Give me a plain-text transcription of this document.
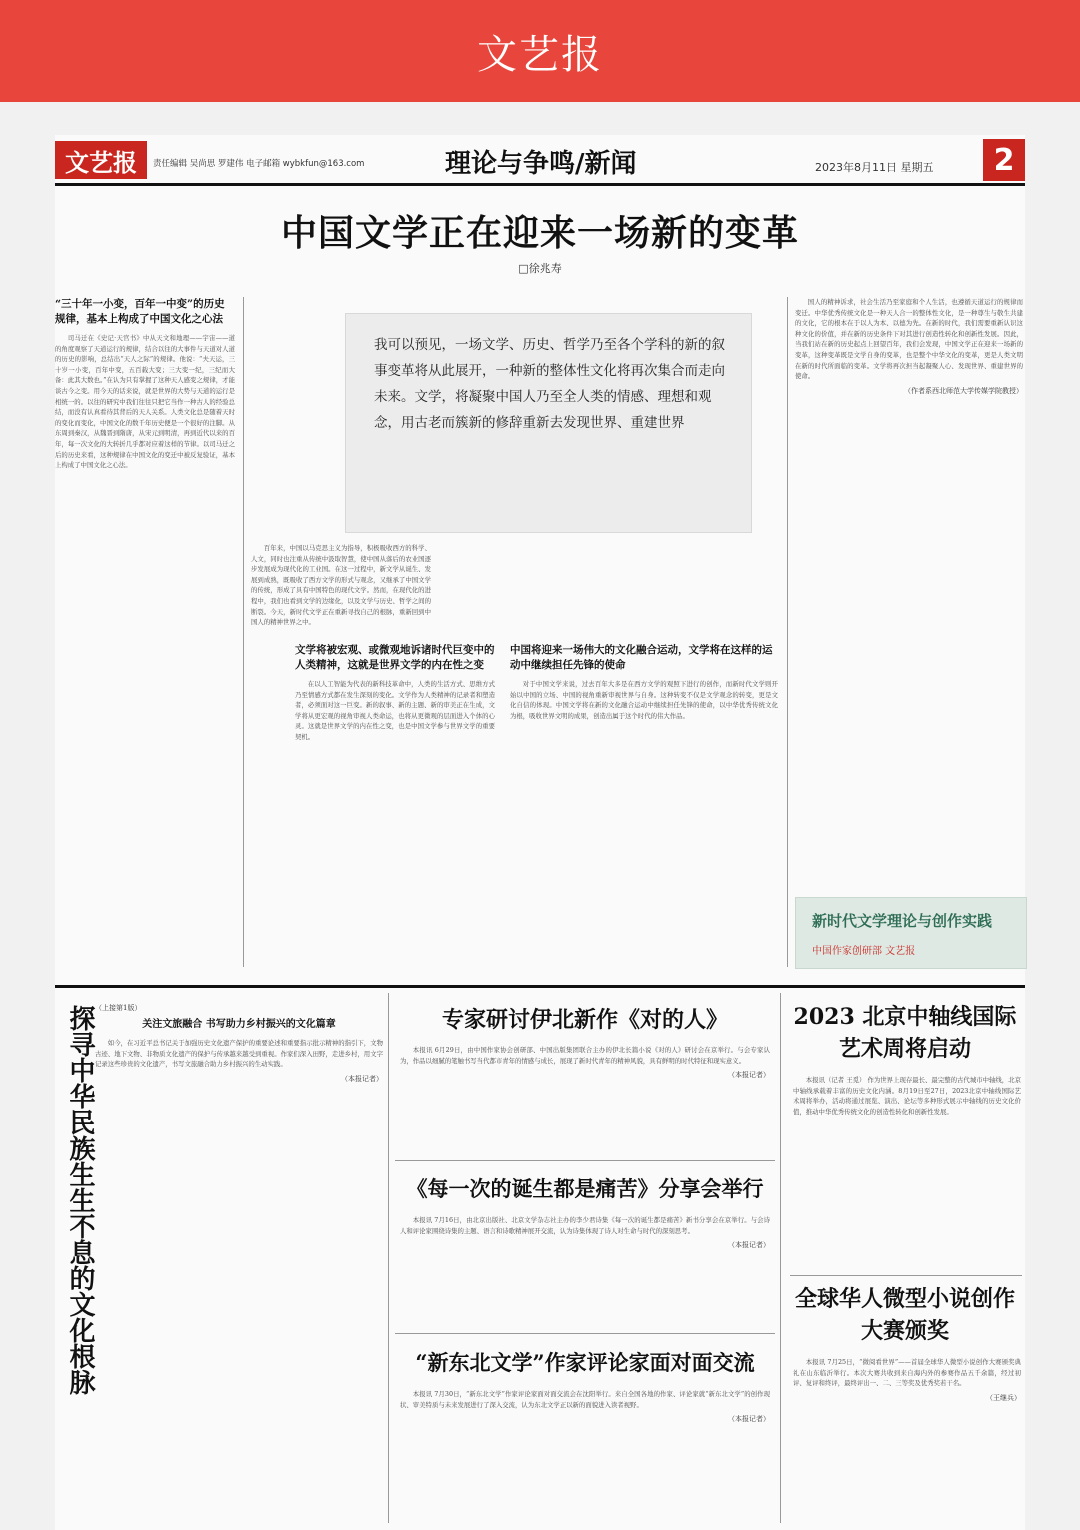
文艺报
文艺报	责任编辑 吴尚思 罗建伟 电子邮箱 wybkfun@163.com	理论与争鸣/新闻	2023年8月11日 星期五	2
中国文学正在迎来一场新的变革
□徐兆寿
“三十年一小变，百年一中变”的历史规律，基本上构成了中国文化之心法

司马迁在《史记·天官书》中从天文和地理——宇宙——道的角度观察了天道运行的规律，结合以往的大事件与天道对人道的历史的影响，总结出“天人之际”的规律。他说：“夫天运，三十岁一小变，百年中变，五百载大变；三大变一纪，三纪而大备：此其大数也。”在认为只有掌握了这种天人感变之规律，才能谈古今之变。用今天的话来说，就是世界的大势与天道的运行是相统一的。以往的研究中我们往往只把它当作一种古人的经验总结，而没有认真看待其背后的天人关系。人类文化总是随着天时的变化而变化，中国文化的数千年历史便是一个很好的注脚。从东周到秦汉，从魏晋到隋唐，从宋元到明清，再到近代以来的百年，每一次文化的大转折几乎都对应着这样的节律。以司马迁之后的历史来看，这种规律在中国文化的变迁中被反复验证，基本上构成了中国文化之心法。

我可以预见，一场文学、历史、哲学乃至各个学科的新的叙事变革将从此展开，一种新的整体性文化将再次集合而走向未来。文学，将凝聚中国人乃至全人类的情感、理想和观念，用古老而簇新的修辞重新去发现世界、重建世界

百年来，中国以马克思主义为指导，积极吸收西方的科学、人文，同时也注重从传统中汲取智慧，使中国从落后的农业国逐步发展成为现代化的工业国。在这一过程中，新文学从诞生、发展到成熟，既吸收了西方文学的形式与观念，又继承了中国文学的传统，形成了具有中国特色的现代文学。然而，在现代化的进程中，我们也看到文学的边缘化，以及文学与历史、哲学之间的断裂。今天，新时代文学正在重新寻找自己的根脉，重新回到中国人的精神世界之中。

文学将被宏观、或微观地诉诸时代巨变中的人类精神，这就是世界文学的内在性之变

在以人工智能为代表的新科技革命中，人类的生活方式、思维方式乃至情感方式都在发生深刻的变化。文学作为人类精神的记录者和塑造者，必须面对这一巨变。新的叙事、新的主题、新的审美正在生成，文学将从更宏观的视角审视人类命运，也将从更微观的层面进入个体的心灵。这就是世界文学的内在性之变，也是中国文学参与世界文学的重要契机。

中国将迎来一场伟大的文化融合运动，文学将在这样的运动中继续担任先锋的使命

对于中国文学来说，过去百年大多是在西方文学的观照下进行的创作，而新时代文学则开始以中国的立场、中国的视角重新审视世界与自身。这种转变不仅是文学观念的转变，更是文化自信的体现。中国文学将在新的文化融合运动中继续担任先锋的使命，以中华优秀传统文化为根，吸收世界文明的成果，创造出属于这个时代的伟大作品。

国人的精神诉求，社会生活乃至家庭和个人生活，也遵循天道运行的规律而变迁。中华优秀传统文化是一种天人合一的整体性文化，是一种尊生与敬生共建的文化，它的根本在于以人为本、以德为先。在新的时代，我们需要重新认识这种文化的价值，并在新的历史条件下对其进行创造性转化和创新性发展。因此，当我们站在新的历史起点上回望百年，我们会发现，中国文学正在迎来一场新的变革，这种变革既是文学自身的变革，也是整个中华文化的变革，更是人类文明在新的时代所面临的变革。文学将再次担当起凝聚人心、发现世界、重建世界的使命。

（作者系西北师范大学传媒学院教授）
新时代文学理论与创作实践
中国作家创研部 文艺报
探寻中华民族生生不息的文化根脉 （上接第1版）
关注文旅融合 书写助力乡村振兴的文化篇章

如今，在习近平总书记关于加强历史文化遗产保护的重要论述和重要指示批示精神的指引下，文物古迹、地下文物、非物质文化遗产的保护与传承越来越受到重视。作家们深入田野，走进乡村，用文字记录这些珍贵的文化遗产，书写文旅融合助力乡村振兴的生动实践。

（本报记者）
专家研讨伊北新作《对的人》

本报讯 6月29日，由中国作家协会创研部、中国出版集团联合主办的伊北长篇小说《对的人》研讨会在京举行。与会专家认为，作品以细腻的笔触书写当代都市青年的情感与成长，展现了新时代青年的精神风貌，具有鲜明的时代特征和现实意义。

（本报记者）
《每一次的诞生都是痛苦》分享会举行

本报讯 7月16日，由北京出版社、北京文学杂志社主办的李少君诗集《每一次的诞生都是痛苦》新书分享会在京举行。与会诗人和评论家围绕诗集的主题、语言和诗歌精神展开交流，认为诗集体现了诗人对生命与时代的深刻思考。

（本报记者）
“新东北文学”作家评论家面对面交流

本报讯 7月30日，“新东北文学”作家评论家面对面交流会在沈阳举行。来自全国各地的作家、评论家就“新东北文学”的创作现状、审美特质与未来发展进行了深入交流，认为东北文学正以新的面貌进入读者视野。

（本报记者）
2023 北京中轴线国际艺术周将启动

本报讯（记者 王觅） 作为世界上现存最长、最完整的古代城市中轴线，北京中轴线承载着丰富的历史文化内涵。8月19日至27日，2023北京中轴线国际艺术周将举办，活动将通过展览、演出、论坛等多种形式展示中轴线的历史文化价值，推动中华优秀传统文化的创造性转化和创新性发展。

全球华人微型小说创作大赛颁奖

本报讯 7月25日，“微阅看世界”——首届全球华人微型小说创作大赛颁奖典礼在山东临沂举行。本次大赛共收到来自海内外的参赛作品五千余篇，经过初评、复评和终评，最终评出一、二、三等奖及优秀奖若干名。

（王继兵）
